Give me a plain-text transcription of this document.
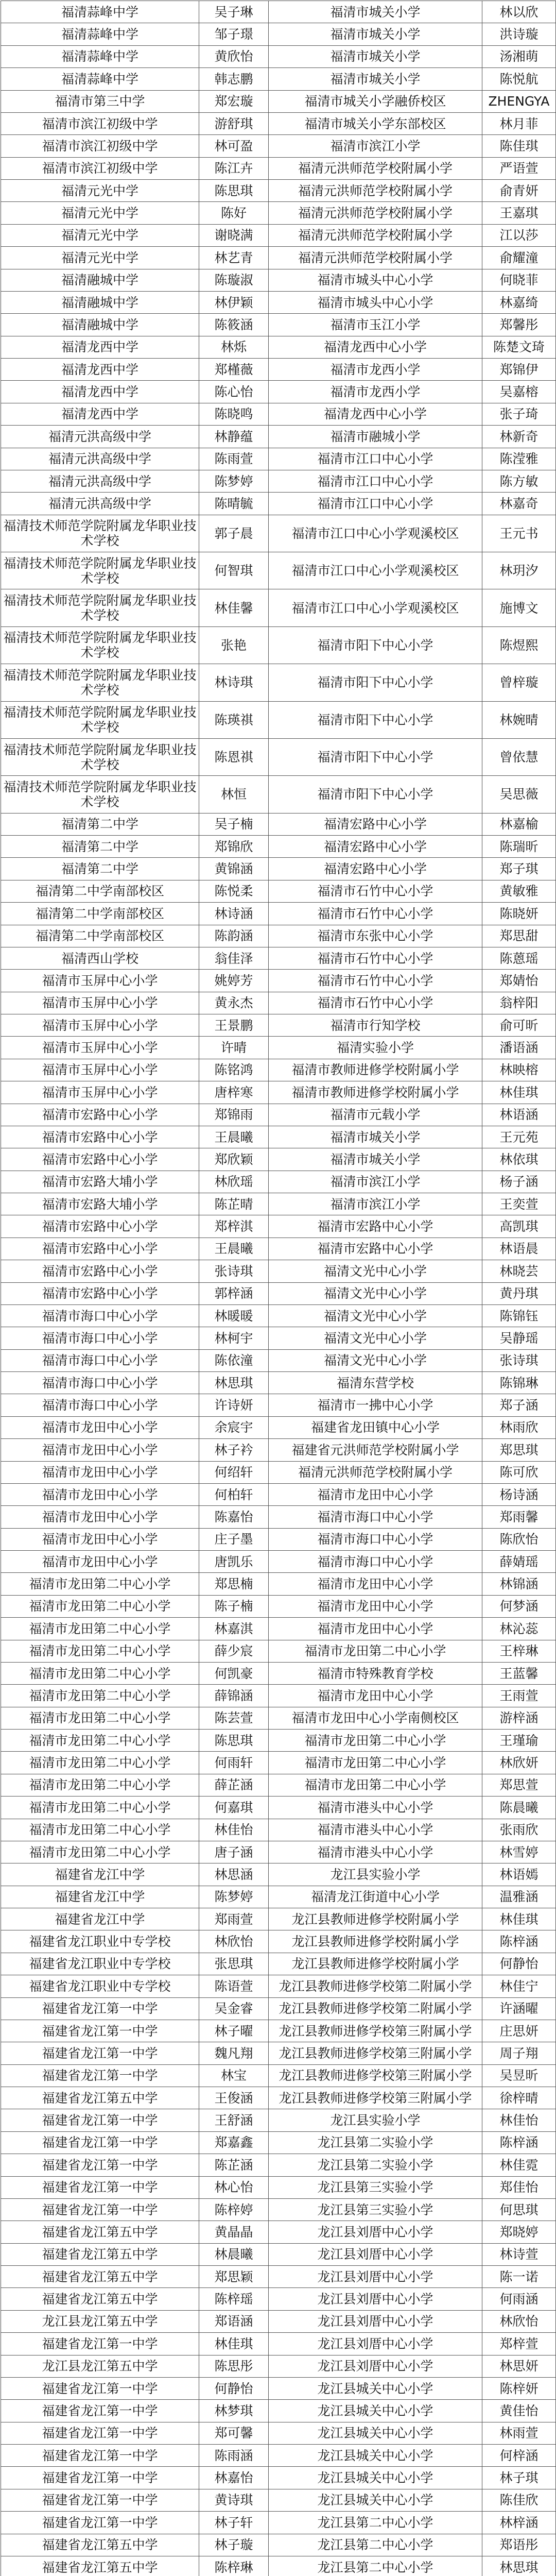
福清蒜峰中学	吴子琳	福清市城关小学	林以欣
福清蒜峰中学	邹子璟	福清市城关小学	洪诗璇
福清蒜峰中学	黄欣怡	福清市城关小学	汤湘萌
福清蒜峰中学	韩志鹏	福清市城关小学	陈悦航
福清市第三中学	郑宏璇	福清市城关小学融侨校区	ZHENGYA
福清市滨江初级中学	游舒琪	福清市城关小学东部校区	林月菲
福清市滨江初级中学	林可盈	福清市滨江小学	陈佳琪
福清市滨江初级中学	陈江卉	福清元洪师范学校附属小学	严语萱
福清元光中学	陈思琪	福清元洪师范学校附属小学	俞青妍
福清元光中学	陈好	福清元洪师范学校附属小学	王嘉琪
福清元光中学	谢晓满	福清元洪师范学校附属小学	江以莎
福清元光中学	林艺青	福清元洪师范学校附属小学	俞耀潼
福清融城中学	陈璇淑	福清市城头中心小学	何晓菲
福清融城中学	林伊颖	福清市城头中心小学	林嘉绮
福清融城中学	陈筱涵	福清市玉江小学	郑馨彤
福清龙西中学	林烁	福清龙西中心小学	陈楚文琦
福清龙西中学	郑槿薇	福清市龙西小学	郑锦伊
福清龙西中学	陈心怡	福清市龙西小学	吴嘉榕
福清龙西中学	陈晓鸣	福清龙西中心小学	张子琦
福清元洪高级中学	林静蕴	福清市融城小学	林新奇
福清元洪高级中学	陈雨萱	福清市江口中心小学	陈滢雅
福清元洪高级中学	陈梦婷	福清市江口中心小学	陈方敏
福清元洪高级中学	陈晴毓	福清市江口中心小学	林嘉奇
福清技术师范学院附属龙华职业技术学校	郭子晨	福清市江口中心小学观溪校区	王元书
福清技术师范学院附属龙华职业技术学校	何智琪	福清市江口中心小学观溪校区	林玥汐
福清技术师范学院附属龙华职业技术学校	林佳馨	福清市江口中心小学观溪校区	施博文
福清技术师范学院附属龙华职业技术学校	张艳	福清市阳下中心小学	陈煜熙
福清技术师范学院附属龙华职业技术学校	林诗琪	福清市阳下中心小学	曾梓璇
福清技术师范学院附属龙华职业技术学校	陈瑛祺	福清市阳下中心小学	林婉晴
福清技术师范学院附属龙华职业技术学校	陈恩祺	福清市阳下中心小学	曾依慧
福清技术师范学院附属龙华职业技术学校	林恒	福清市阳下中心小学	吴思薇
福清第二中学	吴子楠	福清宏路中心小学	林嘉榆
福清第二中学	郑锦欣	福清宏路中心小学	陈瑞昕
福清第二中学	黄锦涵	福清宏路中心小学	郑子琪
福清第二中学南部校区	陈悦柔	福清市石竹中心小学	黄敏雅
福清第二中学南部校区	林诗涵	福清市石竹中心小学	陈晓妍
福清第二中学南部校区	陈韵涵	福清市东张中心小学	郑思甜
福清西山学校	翁佳泽	福清市石竹中心小学	陈蒽瑶
福清市玉屏中心小学	姚婷芳	福清市石竹中心小学	郑婧怡
福清市玉屏中心小学	黄永杰	福清市石竹中心小学	翁梓阳
福清市玉屏中心小学	王景鹏	福清市行知学校	俞可昕
福清市玉屏中心小学	许晴	福清实验小学	潘语涵
福清市玉屏中心小学	陈铭鸿	福清市教师进修学校附属小学	林映榕
福清市玉屏中心小学	唐梓寒	福清市教师进修学校附属小学	林佳琪
福清市宏路中心小学	郑锦雨	福清市元载小学	林语涵
福清市宏路中心小学	王晨曦	福清市城关小学	王元苑
福清市宏路中心小学	郑欣颖	福清市城关小学	林依琪
福清市宏路大埔小学	林欣瑶	福清市滨江小学	杨子涵
福清市宏路大埔小学	陈芷晴	福清市滨江小学	王奕萱
福清市宏路中心小学	郑梓淇	福清市宏路中心小学	高凯琪
福清市宏路中心小学	王晨曦	福清市宏路中心小学	林语晨
福清市宏路中心小学	张诗琪	福清文光中心小学	林晓芸
福清市宏路中心小学	郭梓涵	福清文光中心小学	黄丹琪
福清市海口中心小学	林暖暖	福清文光中心小学	陈锦钰
福清市海口中心小学	林柯宇	福清文光中心小学	吴静瑶
福清市海口中心小学	陈依潼	福清文光中心小学	张诗琪
福清市海口中心小学	林思琪	福清东营学校	陈锦琳
福清市海口中心小学	许诗妍	福清市一拂中心小学	郑子涵
福清市龙田中心小学	余宸宇	福建省龙田镇中心小学	林雨欣
福清市龙田中心小学	林子衿	福建省元洪师范学校附属小学	郑思琪
福清市龙田中心小学	何绍轩	福清元洪师范学校附属小学	陈可欣
福清市龙田中心小学	何柏轩	福清市龙田中心小学	杨诗涵
福清市龙田中心小学	陈嘉怡	福清市海口中心小学	郑雨馨
福清市龙田中心小学	庄子墨	福清市海口中心小学	陈欣怡
福清市龙田中心小学	唐凯乐	福清市海口中心小学	薛婧瑶
福清市龙田第二中心小学	郑思楠	福清市龙田中心小学	林锦涵
福清市龙田第二中心小学	陈子楠	福清市龙田中心小学	何梦涵
福清市龙田第二中心小学	林嘉淇	福清市龙田中心小学	林沁蕊
福清市龙田第二中心小学	薛少宸	福清市龙田第二中心小学	王梓琳
福清市龙田第二中心小学	何凯豪	福清市特殊教育学校	王蓝馨
福清市龙田第二中心小学	薛锦涵	福清市龙田中心小学	王雨萱
福清市龙田第二中心小学	陈芸萱	福清市龙田中心小学南侧校区	游梓涵
福清市龙田第二中心小学	陈思琪	福清市龙田第二中心小学	王瑾瑜
福清市龙田第二中心小学	何雨轩	福清市龙田第二中心小学	林欣妍
福清市龙田第二中心小学	薛芷涵	福清市龙田第二中心小学	郑思萱
福清市龙田第二中心小学	何嘉琪	福清市港头中心小学	陈晨曦
福清市龙田第二中心小学	林佳怡	福清市港头中心小学	张雨欣
福清市龙田第二中心小学	唐子涵	福清市港头中心小学	林雪婷
福建省龙江中学	林思涵	龙江县实验小学	林语嫣
福建省龙江中学	陈梦婷	福清龙江街道中心小学	温雅涵
福建省龙江中学	郑雨萱	龙江县教师进修学校附属小学	林佳琪
福建省龙江职业中专学校	林欣怡	龙江县教师进修学校附属小学	陈梓涵
福建省龙江职业中专学校	张思琪	龙江县教师进修学校附属小学	何静怡
福建省龙江职业中专学校	陈语萱	龙江县教师进修学校第二附属小学	林佳宁
福建省龙江第一中学	吴金睿	龙江县教师进修学校第二附属小学	许涵曜
福建省龙江第一中学	林子曜	龙江县教师进修学校第三附属小学	庄思妍
福建省龙江第一中学	魏凡翔	龙江县教师进修学校第三附属小学	周子翔
福建省龙江第一中学	林宝	龙江县教师进修学校第三附属小学	吴昱昕
福建省龙江第五中学	王俊涵	龙江县教师进修学校第三附属小学	徐梓晴
福建省龙江第一中学	王舒涵	龙江县实验小学	林佳怡
福建省龙江第一中学	郑嘉鑫	龙江县第二实验小学	陈梓涵
福建省龙江第一中学	陈芷涵	龙江县第二实验小学	林佳霓
福建省龙江第一中学	林心怡	龙江县第三实验小学	郑佳怡
福建省龙江第一中学	陈梓婷	龙江县第三实验小学	何思琪
福建省龙江第五中学	黄晶晶	龙江县刘厝中心小学	郑晓婷
福建省龙江第五中学	林晨曦	龙江县刘厝中心小学	林诗萱
福建省龙江第五中学	郑思颖	龙江县刘厝中心小学	陈一诺
福建省龙江第五中学	陈梓瑶	龙江县刘厝中心小学	何雨涵
龙江县龙江第五中学	郑语涵	龙江县刘厝中心小学	林欣怡
福建省龙江第一中学	林佳琪	龙江县刘厝中心小学	郑梓萱
龙江县龙江第五中学	陈思彤	龙江县刘厝中心小学	林思妍
福建省龙江第一中学	何静怡	龙江县城关中心小学	陈梓妍
福建省龙江第一中学	林梦琪	龙江县城关中心小学	黄佳怡
福建省龙江第一中学	郑可馨	龙江县城关中心小学	林雨萱
福建省龙江第一中学	陈雨涵	龙江县城关中心小学	何梓涵
福建省龙江第一中学	林嘉怡	龙江县城关中心小学	林子琪
福建省龙江第一中学	黄诗琪	龙江县城关中心小学	陈佳欣
福建省龙江第一中学	林子轩	龙江县第二中心小学	林梓涵
福建省龙江第五中学	林子璇	龙江县第二中心小学	郑语彤
福建省龙江第五中学	陈梓琳	龙江县第二中心小学	林思琪
